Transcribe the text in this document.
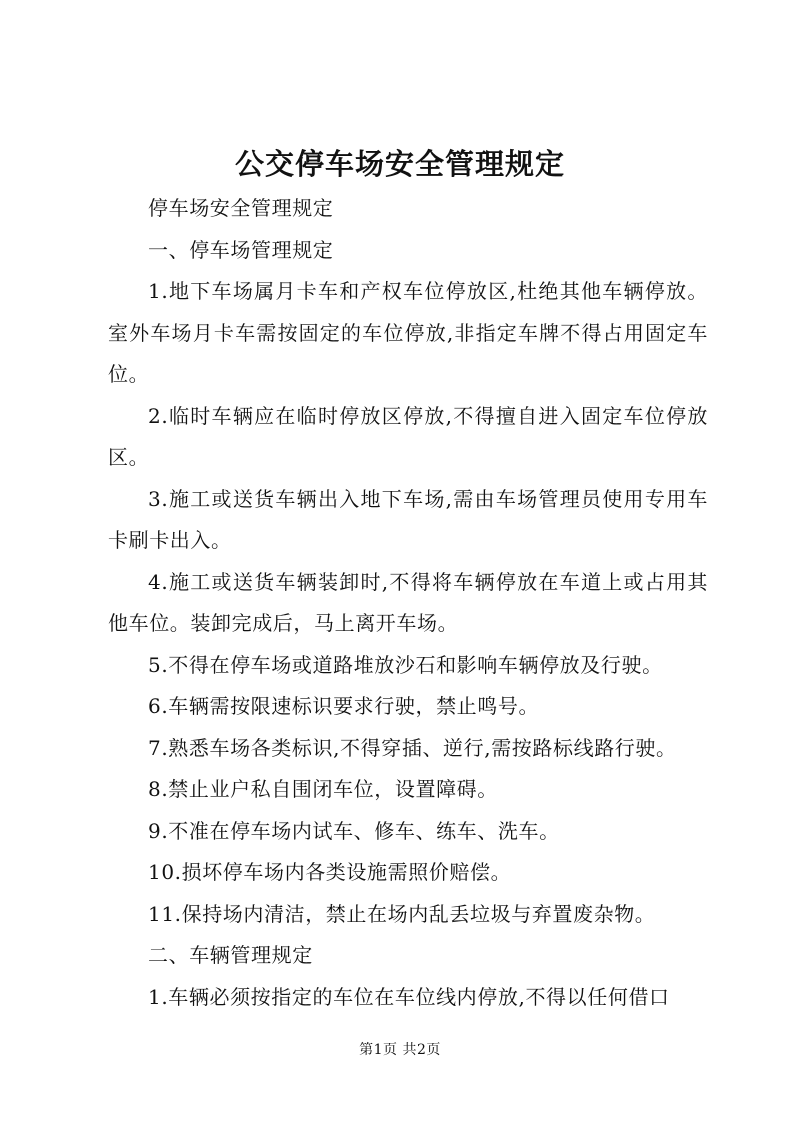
公交停车场安全管理规定

停车场安全管理规定

一、停车场管理规定

1.地下车场属月卡车和产权车位停放区,杜绝其他车辆停放。室外车场月卡车需按固定的车位停放,非指定车牌不得占用固定车位。

2.临时车辆应在临时停放区停放,不得擅自进入固定车位停放区。

3.施工或送货车辆出入地下车场,需由车场管理员使用专用车卡刷卡出入。

4.施工或送货车辆装卸时,不得将车辆停放在车道上或占用其他车位。装卸完成后，马上离开车场。

5.不得在停车场或道路堆放沙石和影响车辆停放及行驶。

6.车辆需按限速标识要求行驶，禁止鸣号。

7.熟悉车场各类标识,不得穿插、逆行,需按路标线路行驶。

8.禁止业户私自围闭车位，设置障碍。

9.不准在停车场内试车、修车、练车、洗车。

10.损坏停车场内各类设施需照价赔偿。

11.保持场内清洁，禁止在场内乱丢垃圾与弃置废杂物。

二、车辆管理规定

1.车辆必须按指定的车位在车位线内停放,不得以任何借口

第1页 共2页
